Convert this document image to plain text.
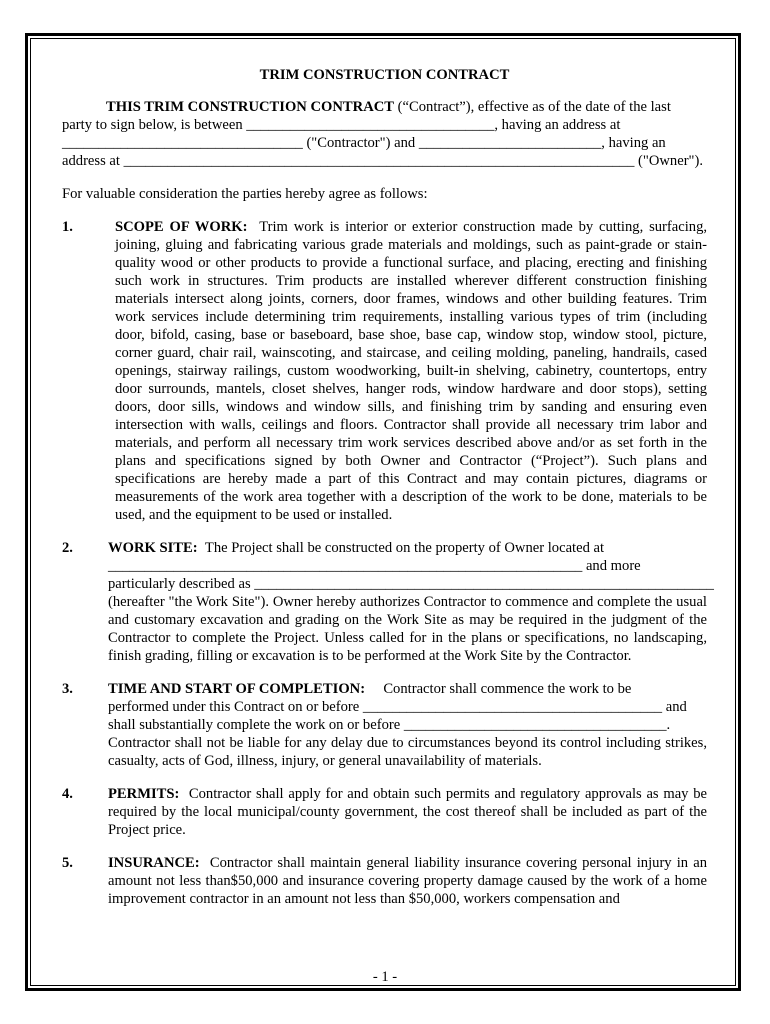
TRIM CONSTRUCTION CONTRACT

THIS TRIM CONSTRUCTION CONTRACT (“Contract”), effective as of the date of the last

party to sign below, is between __________________________________, having an address at

_________________________________ ("Contractor") and _________________________, having an

address at ______________________________________________________________________ ("Owner").

For valuable consideration the parties hereby agree as follows:

1.	SCOPE OF WORK: Trim work is interior or exterior construction made by cutting, surfacing, joining, gluing and fabricating various grade materials and moldings, such as paint-grade or stain-quality wood or other products to provide a functional surface, and placing, erecting and finishing such work in structures. Trim products are installed wherever different construction finishing materials intersect along joints, corners, door frames, windows and other building features. Trim work services include determining trim requirements, installing various types of trim (including door, bifold, casing, base or baseboard, base shoe, base cap, window stop, window stool, picture, corner guard, chair rail, wainscoting, and staircase, and ceiling molding, paneling, handrails, cased openings, stairway railings, custom woodworking, built-in shelving, cabinetry, countertops, entry door surrounds, mantels, closet shelves, hanger rods, window hardware and door stops), setting doors, door sills, windows and window sills, and finishing trim by sanding and ensuring even intersection with walls, ceilings and floors. Contractor shall provide all necessary trim labor and materials, and perform all necessary trim work services described above and/or as set forth in the plans and specifications signed by both Owner and Contractor (“Project”). Such plans and specifications are hereby made a part of this Contract and may contain pictures, diagrams or measurements of the work area together with a description of the work to be done, materials to be used, and the equipment to be used or installed.

2. WORK SITE: The Project shall be constructed on the property of Owner located at
_________________________________________________________________ and more
particularly described as _______________________________________________________________
(hereafter "the Work Site"). Owner hereby authorizes Contractor to commence and complete the usual and customary excavation and grading on the Work Site as may be required in the judgment of the Contractor to complete the Project. Unless called for in the plans or specifications, no landscaping, finish grading, filling or excavation is to be performed at the Work Site by the Contractor.
3. TIME AND START OF COMPLETION: Contractor shall commence the work to be
performed under this Contract on or before _________________________________________ and
shall substantially complete the work on or before ____________________________________.
Contractor shall not be liable for any delay due to circumstances beyond its control including strikes, casualty, acts of God, illness, injury, or general unavailability of materials.
4. PERMITS: Contractor shall apply for and obtain such permits and regulatory approvals as may be required by the local municipal/county government, the cost thereof shall be included as part of the Project price.

5. INSURANCE: Contractor shall maintain general liability insurance covering personal injury in an amount not less than$50,000 and insurance covering property damage caused by the work of a home improvement contractor in an amount not less than $50,000, workers compensation and

- 1 -
